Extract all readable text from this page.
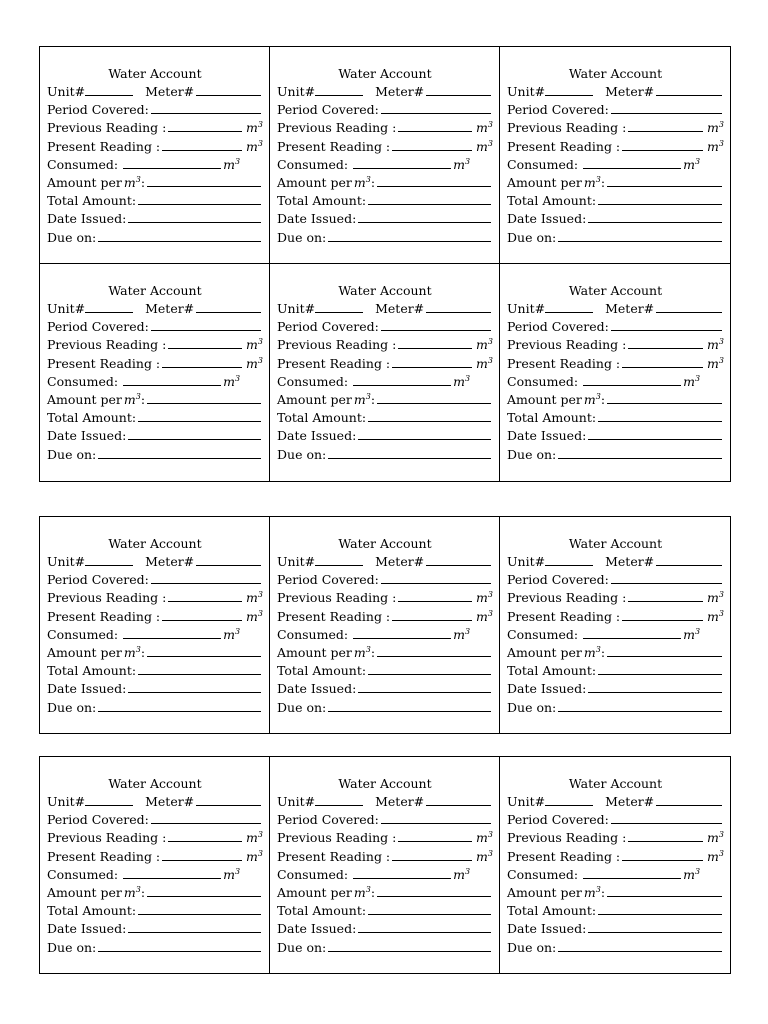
Water Account
Unit#	Meter#
Period Covered:
Previous Reading :	$m^3$
Present Reading :	$m^3$
Consumed:	$m^3$
Amount per $m^3$ :
Total Amount:
Date Issued:
Due on:
Water Account
Unit#	Meter#
Period Covered:
Previous Reading :	$m^3$
Present Reading :	$m^3$
Consumed:	$m^3$
Amount per $m^3$ :
Total Amount:
Date Issued:
Due on:
Water Account
Unit#	Meter#
Period Covered:
Previous Reading :	$m^3$
Present Reading :	$m^3$
Consumed:	$m^3$
Amount per $m^3$ :
Total Amount:
Date Issued:
Due on:
Water Account
Unit#	Meter#
Period Covered:
Previous Reading :	$m^3$
Present Reading :	$m^3$
Consumed:	$m^3$
Amount per $m^3$ :
Total Amount:
Date Issued:
Due on:
Water Account
Unit#	Meter#
Period Covered:
Previous Reading :	$m^3$
Present Reading :	$m^3$
Consumed:	$m^3$
Amount per $m^3$ :
Total Amount:
Date Issued:
Due on:
Water Account
Unit#	Meter#
Period Covered:
Previous Reading :	$m^3$
Present Reading :	$m^3$
Consumed:	$m^3$
Amount per $m^3$ :
Total Amount:
Date Issued:
Due on:
Water Account
Unit#	Meter#
Period Covered:
Previous Reading :	$m^3$
Present Reading :	$m^3$
Consumed:	$m^3$
Amount per $m^3$ :
Total Amount:
Date Issued:
Due on:
Water Account
Unit#	Meter#
Period Covered:
Previous Reading :	$m^3$
Present Reading :	$m^3$
Consumed:	$m^3$
Amount per $m^3$ :
Total Amount:
Date Issued:
Due on:
Water Account
Unit#	Meter#
Period Covered:
Previous Reading :	$m^3$
Present Reading :	$m^3$
Consumed:	$m^3$
Amount per $m^3$ :
Total Amount:
Date Issued:
Due on:
Water Account
Unit#	Meter#
Period Covered:
Previous Reading :	$m^3$
Present Reading :	$m^3$
Consumed:	$m^3$
Amount per $m^3$ :
Total Amount:
Date Issued:
Due on:
Water Account
Unit#	Meter#
Period Covered:
Previous Reading :	$m^3$
Present Reading :	$m^3$
Consumed:	$m^3$
Amount per $m^3$ :
Total Amount:
Date Issued:
Due on:
Water Account
Unit#	Meter#
Period Covered:
Previous Reading :	$m^3$
Present Reading :	$m^3$
Consumed:	$m^3$
Amount per $m^3$ :
Total Amount:
Date Issued:
Due on:
